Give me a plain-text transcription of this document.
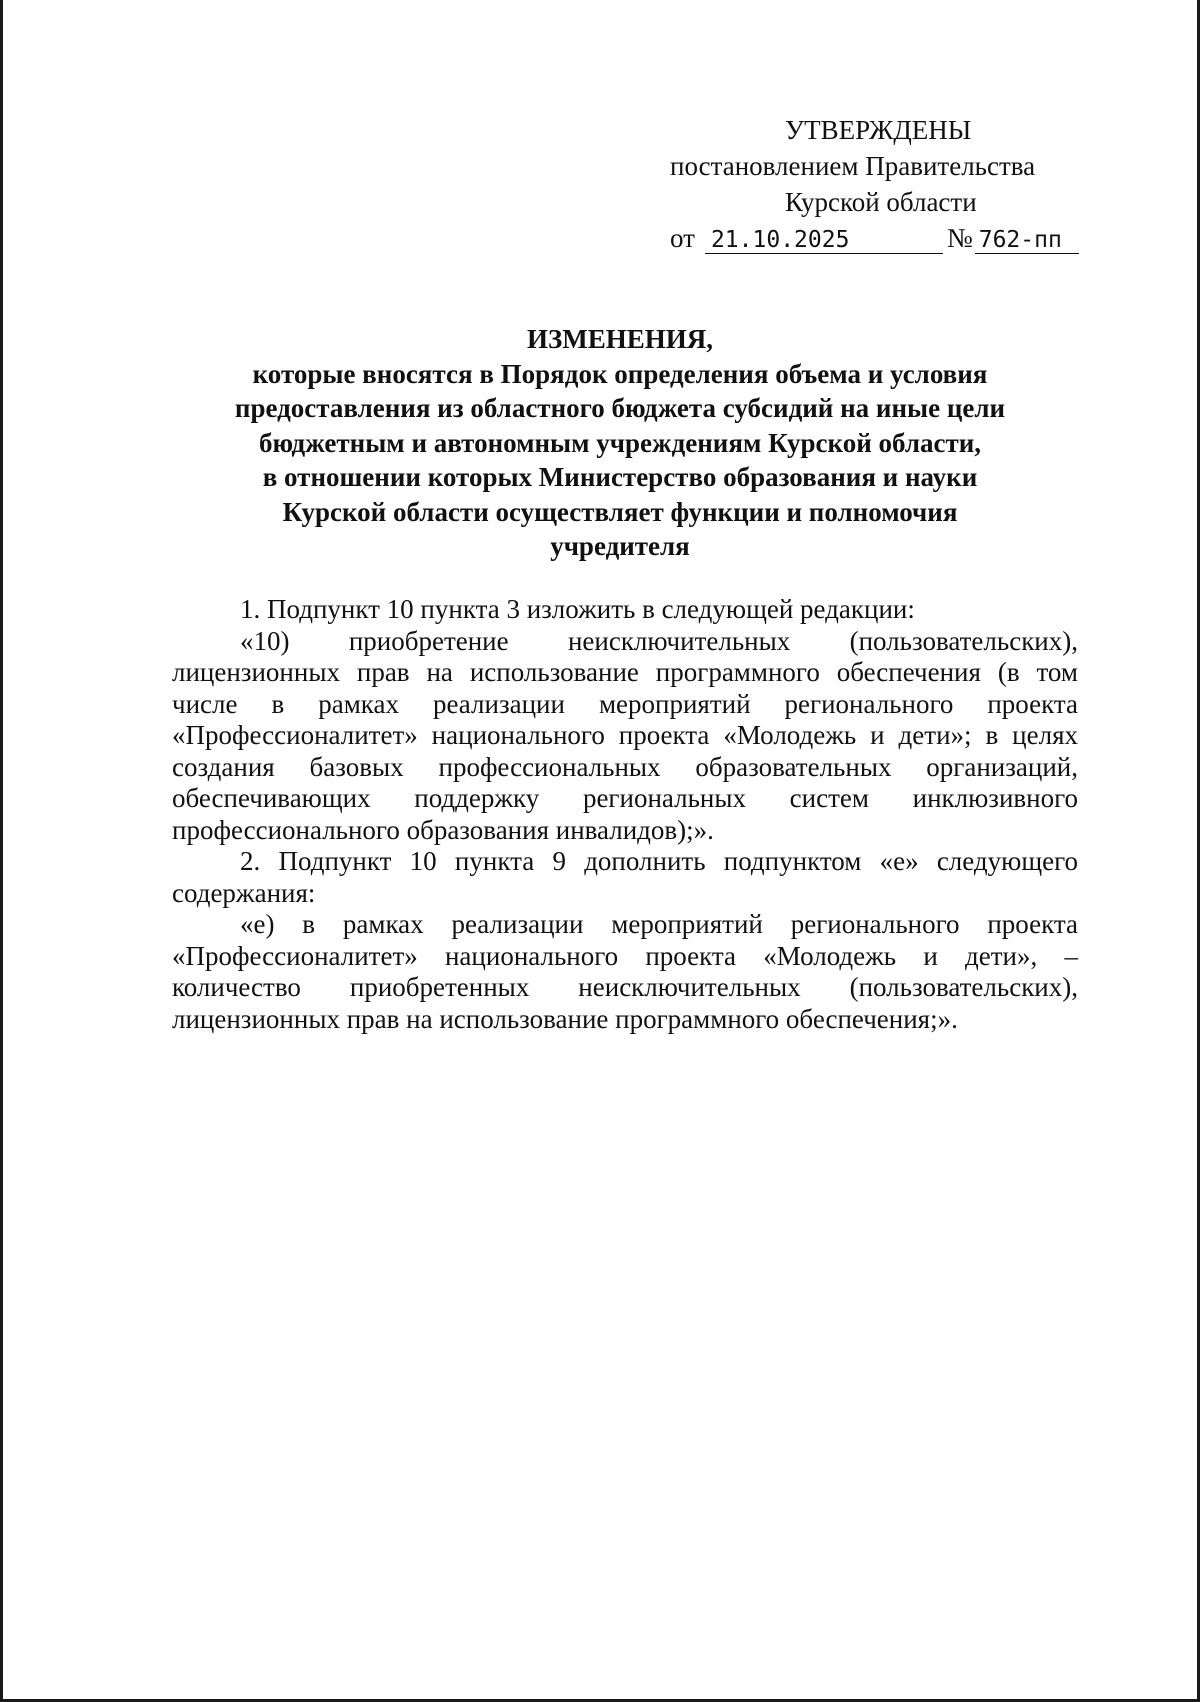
УТВЕРЖДЕНЫ
постановлением Правительства
Курской области
от 21.10.2025	№ 762-пп
ИЗМЕНЕНИЯ,
которые вносятся в Порядок определения объема и условия
предоставления из областного бюджета субсидий на иные цели
бюджетным и автономным учреждениям Курской области,
в отношении которых Министерство образования и науки
Курской области осуществляет функции и полномочия
учредителя

1. Подпункт 10 пункта 3 изложить в следующей редакции:

«10) приобретение неисключительных (пользовательских), лицензионных прав на использование программного обеспечения (в том числе в рамках реализации мероприятий регионального проекта «Профессионалитет» национального проекта «Молодежь и дети»; в целях создания базовых профессиональных образовательных организаций, обеспечивающих поддержку региональных систем инклюзивного профессионального образования инвалидов);».

2. Подпункт 10 пункта 9 дополнить подпунктом «е» следующего содержания:

«е) в рамках реализации мероприятий регионального проекта «Профессионалитет» национального проекта «Молодежь и дети», – количество приобретенных неисключительных (пользовательских), лицензионных прав на использование программного обеспечения;».
